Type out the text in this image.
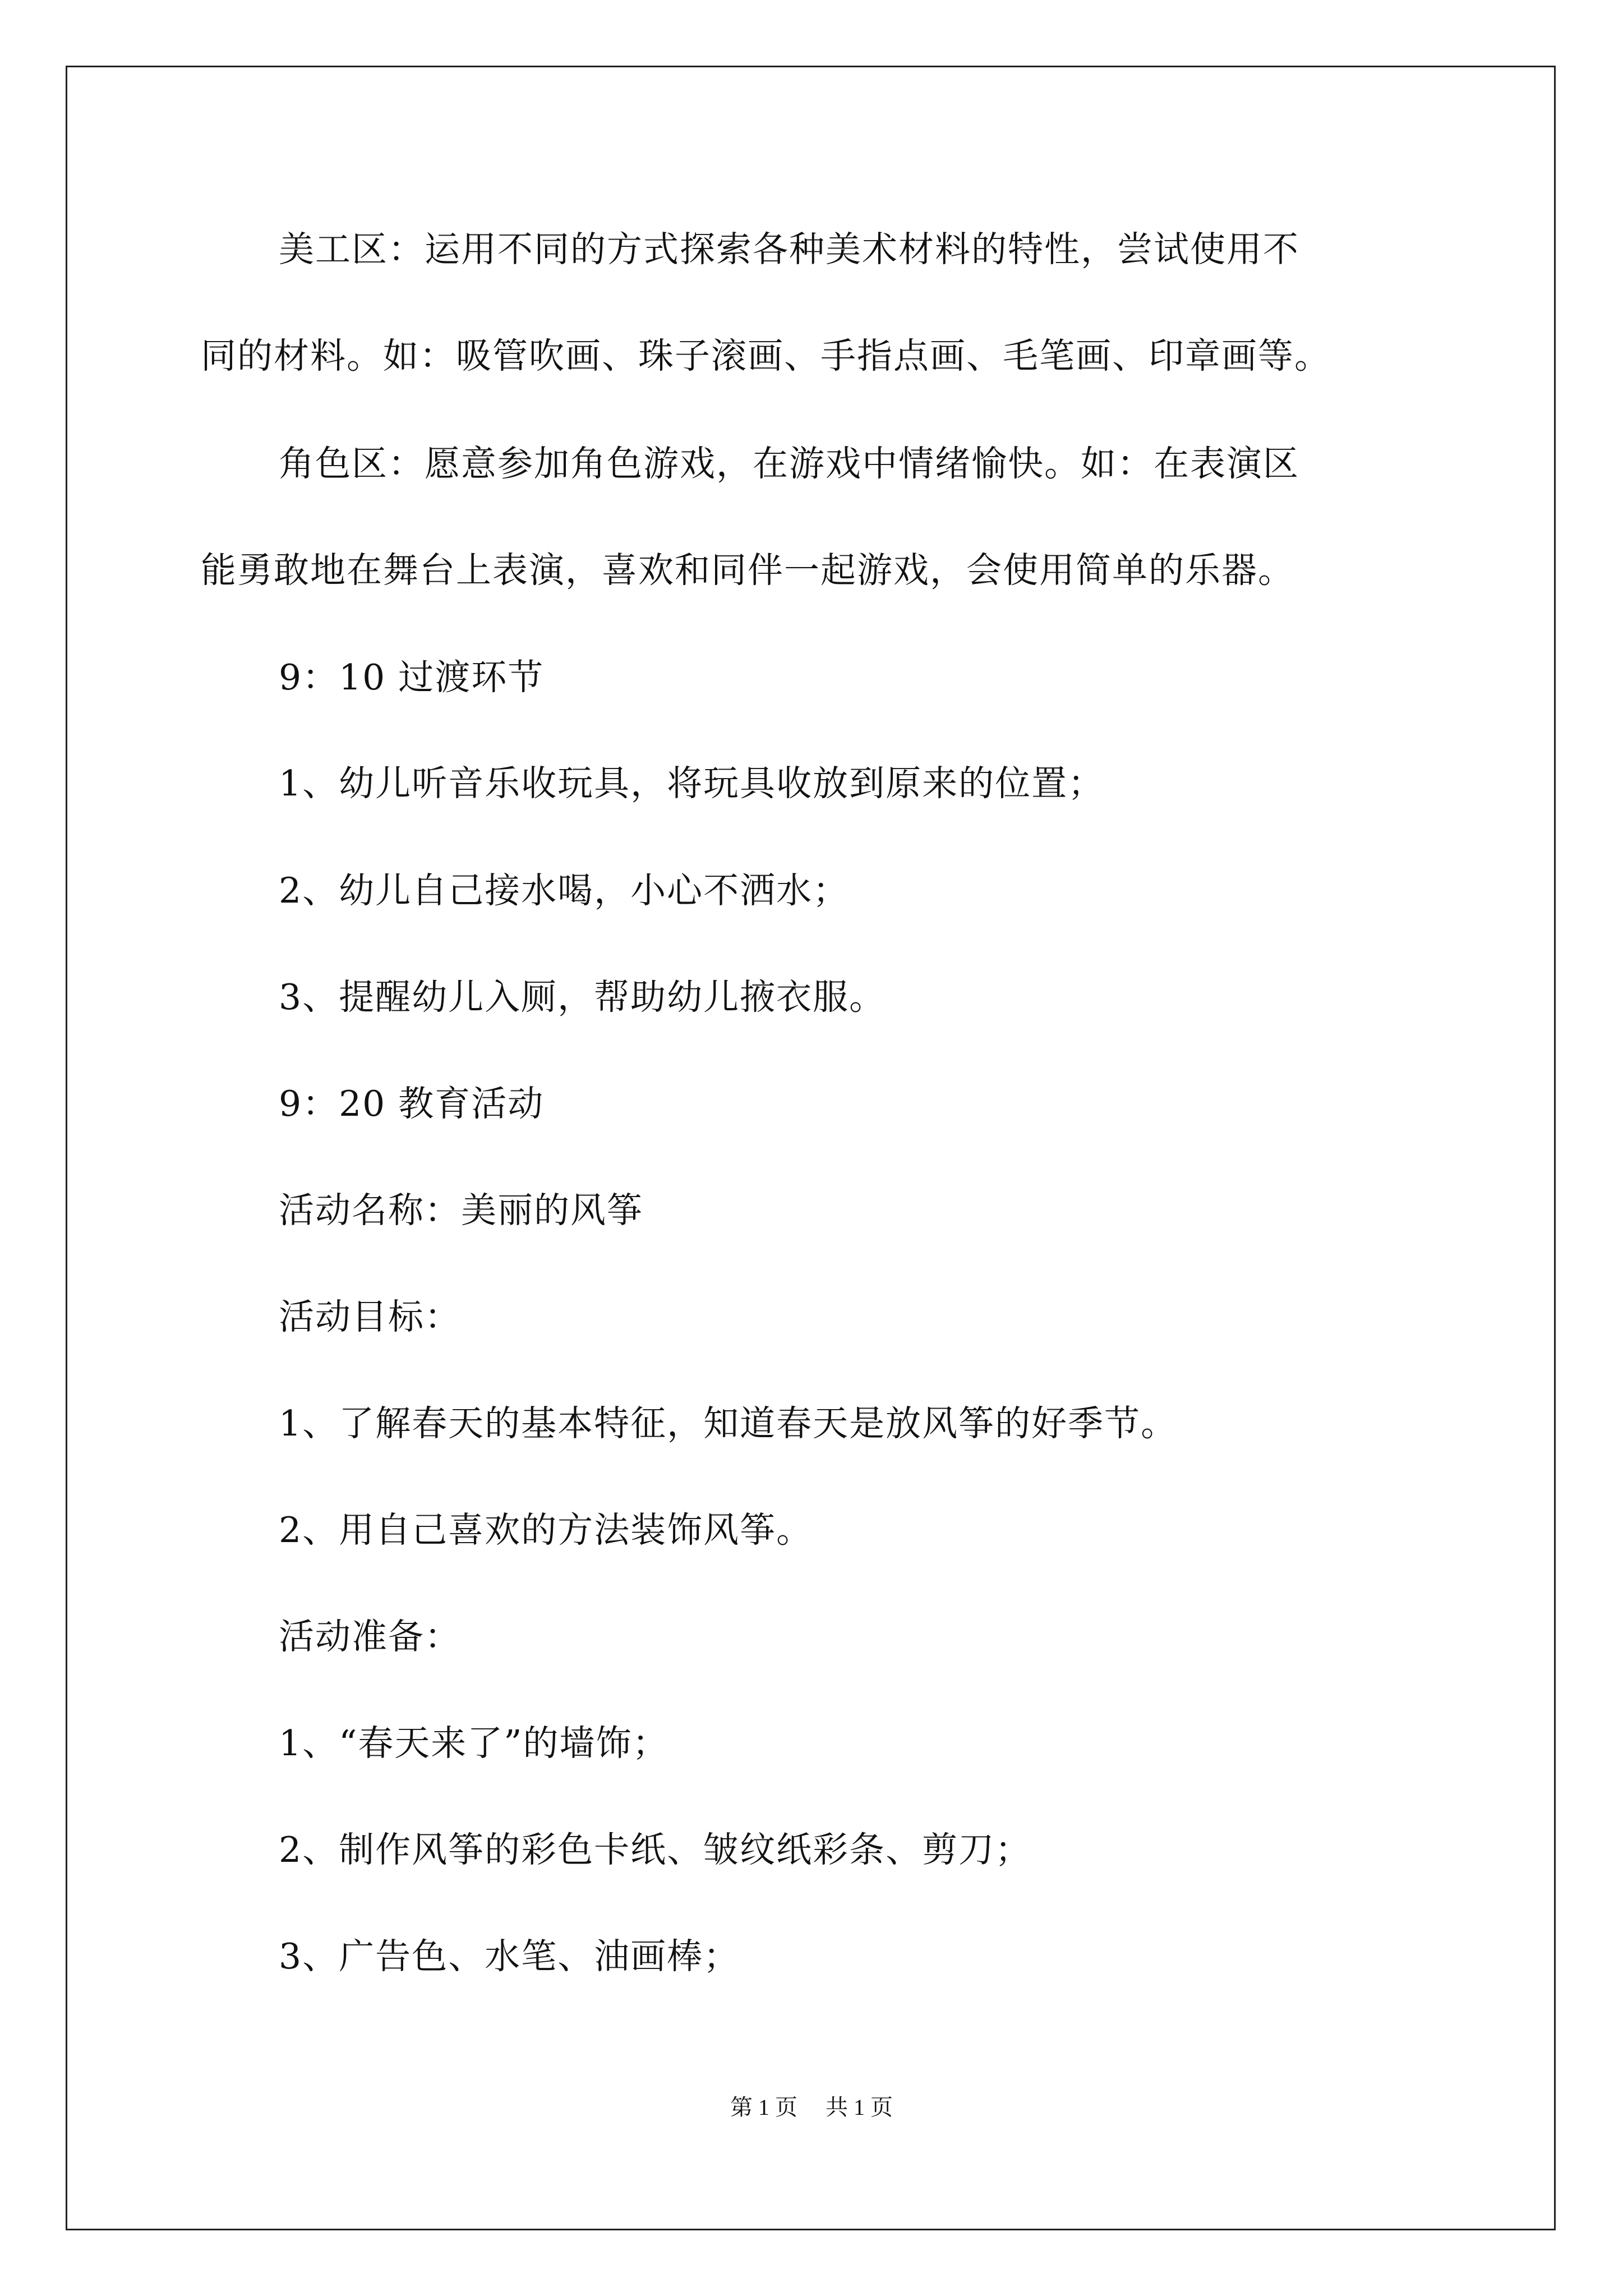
美工区：运用不同的方式探索各种美术材料的特性，尝试使用不
同的材料。如：吸管吹画、珠子滚画、手指点画、毛笔画、印章画等。
角色区：愿意参加角色游戏，在游戏中情绪愉快。如：在表演区
能勇敢地在舞台上表演，喜欢和同伴一起游戏，会使用简单的乐器。
9：10 过渡环节
1、幼儿听音乐收玩具，将玩具收放到原来的位置；
2、幼儿自己接水喝，小心不洒水；
3、提醒幼儿入厕，帮助幼儿掖衣服。
9：20 教育活动
活动名称：美丽的风筝
活动目标：
1、了解春天的基本特征，知道春天是放风筝的好季节。
2、用自己喜欢的方法装饰风筝。
活动准备：
1、“春天来了”的墙饰；
2、制作风筝的彩色卡纸、皱纹纸彩条、剪刀；
3、广告色、水笔、油画棒；
第 1 页 共 1 页
